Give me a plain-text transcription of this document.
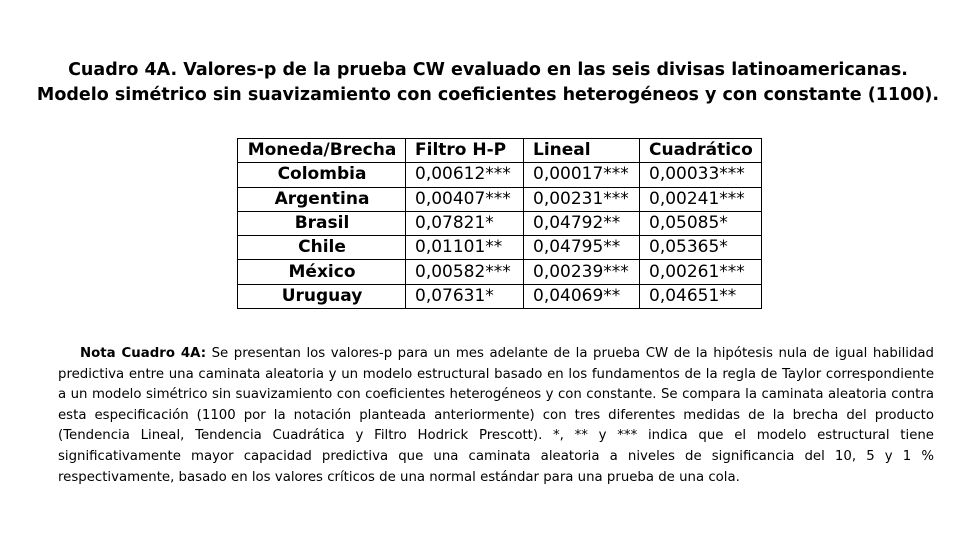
Cuadro 4A. Valores-p de la prueba CW evaluado en las seis divisas latinoamericanas.
Modelo simétrico sin suavizamiento con coeficientes heterogéneos y con constante (1100).
Moneda/Brecha	Filtro H-P	Lineal	Cuadrático
Colombia	0,00612***	0,00017***	0,00033***
Argentina	0,00407***	0,00231***	0,00241***
Brasil	0,07821*	0,04792**	0,05085*
Chile	0,01101**	0,04795**	0,05365*
México	0,00582***	0,00239***	0,00261***
Uruguay	0,07631*	0,04069**	0,04651**

Nota Cuadro 4A: Se presentan los valores-p para un mes adelante de la prueba CW de la hipótesis nula de igual habilidad predictiva entre una caminata aleatoria y un modelo estructural basado en los fundamentos de la regla de Taylor correspondiente a un modelo simétrico sin suavizamiento con coeficientes heterogéneos y con constante. Se compara la caminata aleatoria contra esta especificación (1100 por la notación planteada anteriormente) con tres diferentes medidas de la brecha del producto (Tendencia Lineal, Tendencia Cuadrática y Filtro Hodrick Prescott). *, ** y *** indica que el modelo estructural tiene significativamente mayor capacidad predictiva que una caminata aleatoria a niveles de significancia del 10, 5 y 1 % respectivamente, basado en los valores críticos de una normal estándar para una prueba de una cola.
